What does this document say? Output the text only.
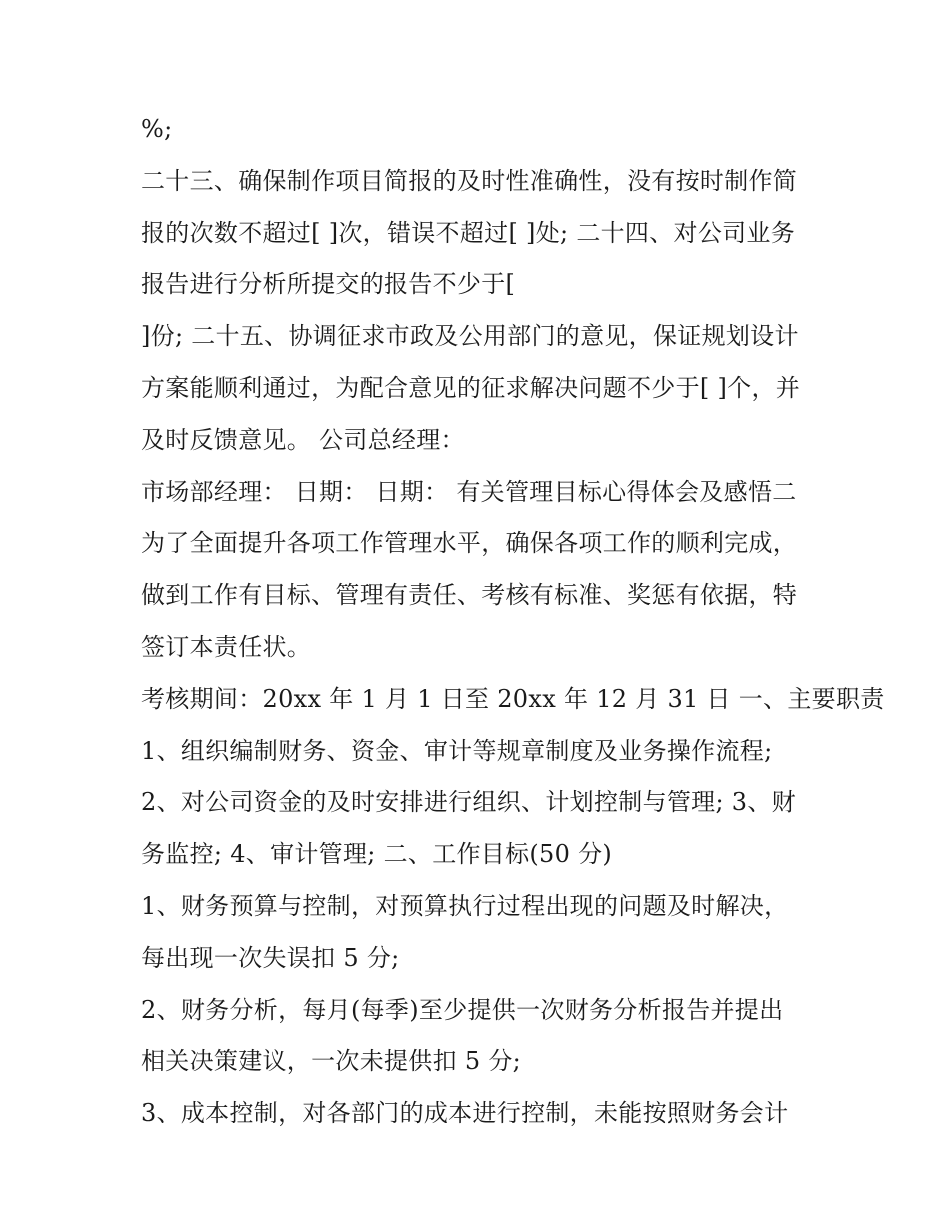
%;
二十三、确保制作项目简报的及时性准确性，没有按时制作简
报的次数不超过[ ]次，错误不超过[ ]处; 二十四、对公司业务
报告进行分析所提交的报告不少于[
]份; 二十五、协调征求市政及公用部门的意见，保证规划设计
方案能顺利通过，为配合意见的征求解决问题不少于[ ]个，并
及时反馈意见。 公司总经理：
市场部经理： 日期： 日期： 有关管理目标心得体会及感悟二
为了全面提升各项工作管理水平，确保各项工作的顺利完成，
做到工作有目标、管理有责任、考核有标准、奖惩有依据，特
签订本责任状。
考核期间：20xx 年 1 月 1 日至 20xx 年 12 月 31 日 一、主要职责
1、组织编制财务、资金、审计等规章制度及业务操作流程;
2、对公司资金的及时安排进行组织、计划控制与管理; 3、财
务监控; 4、审计管理; 二、工作目标(50 分)
1、财务预算与控制，对预算执行过程出现的问题及时解决，
每出现一次失误扣 5 分;
2、财务分析，每月(每季)至少提供一次财务分析报告并提出
相关决策建议，一次未提供扣 5 分;
3、成本控制，对各部门的成本进行控制，未能按照财务会计
